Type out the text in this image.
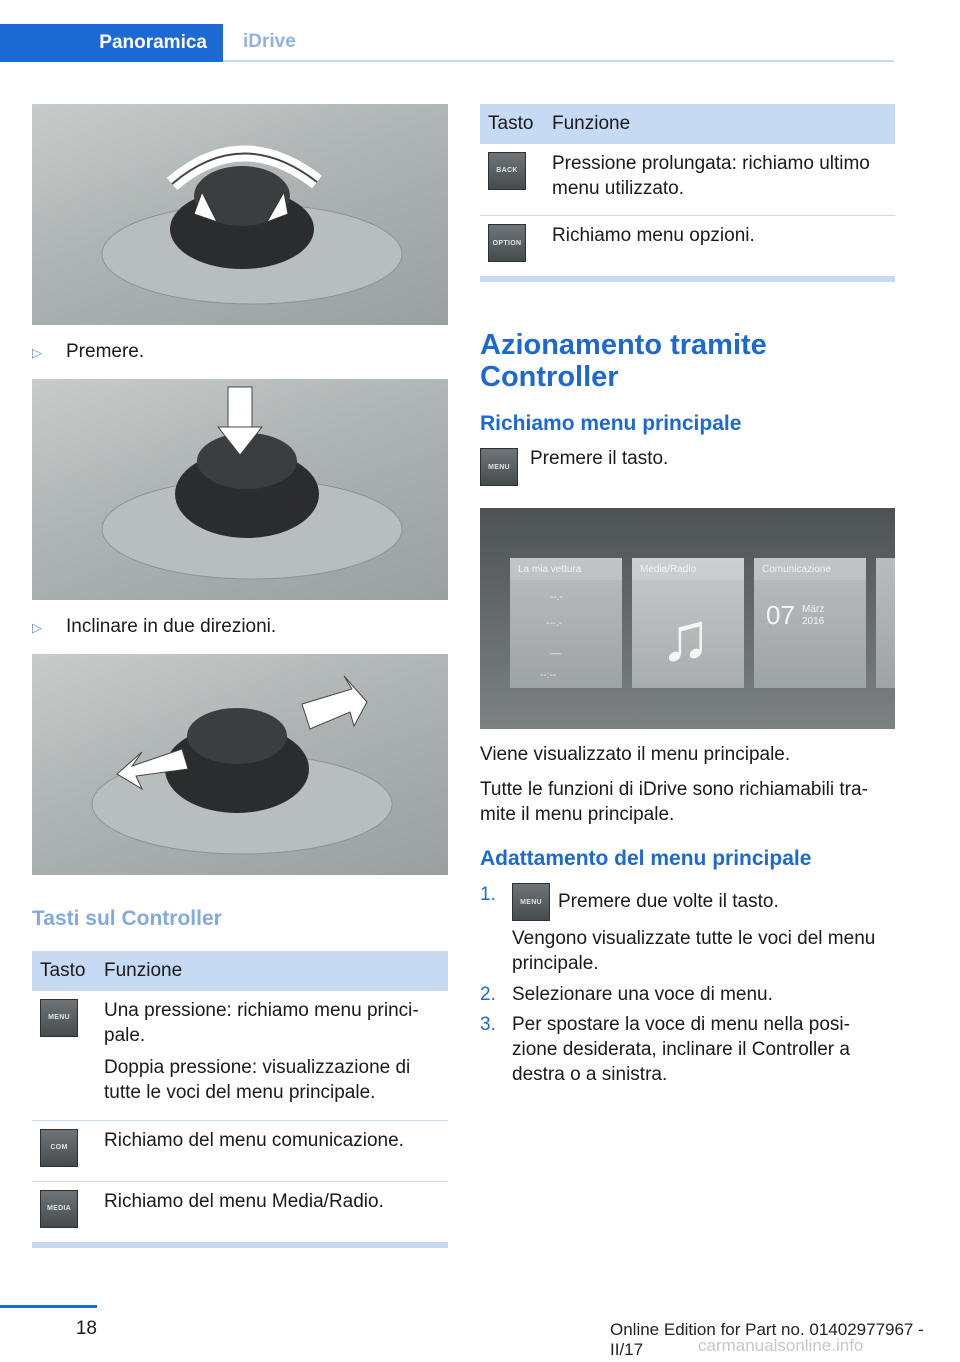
Panoramica	iDrive
▷	Premere.
▷	Inclinare in due direzioni.
Tasti sul Controller
Tasto	Funzione

MENU	Una pressione: richiamo menu princi-pale.
Doppia pressione: visualizzazione di tutte le voci del menu principale.

COM	Richiamo del menu comunicazione.

MEDIA	Richiamo del menu Media/Radio.
Tasto	Funzione

BACK	Pressione prolungata: richiamo ultimo menu utilizzato.

OPTION	Richiamo menu opzioni.
Azionamento tramite Controller
Richiamo menu principale
MENU	Premere il tasto.
La mia vettura	Media/Radio
♫
Comunicazione
07 März
2016
--.-
---.-
__
--:--
Viene visualizzato il menu principale.
Tutte le funzioni di iDrive sono richiamabili tra-mite il menu principale.
Adattamento del menu principale
1.	MENU Premere due volte il tasto.
Vengono visualizzate tutte le voci del menu principale.
2. Selezionare una voce di menu.
3. Per spostare la voce di menu nella posi-zione desiderata, inclinare il Controller a destra o a sinistra.
18	Online Edition for Part no. 01402977967 - II/17	carmanualsonline.info
